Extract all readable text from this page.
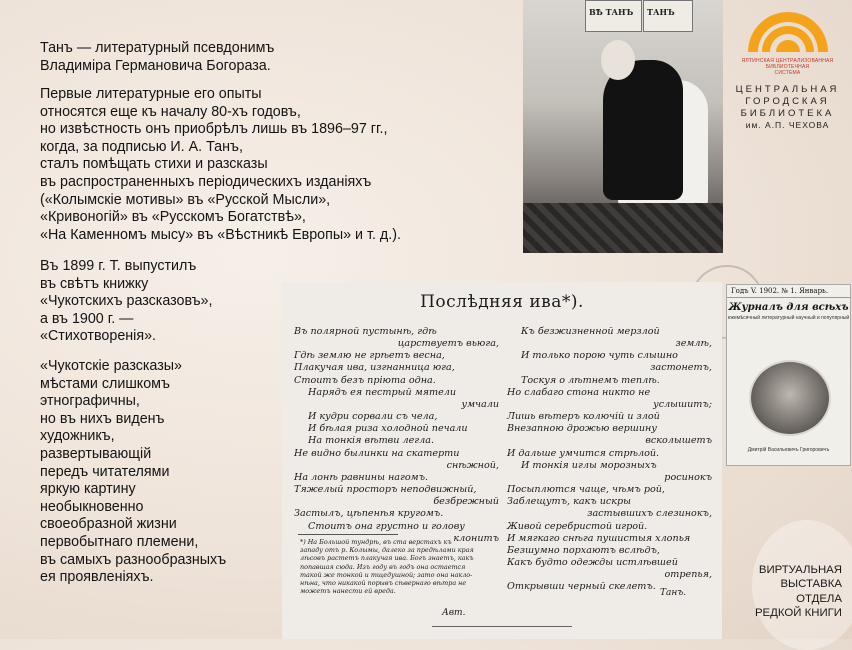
Танъ — литературный псевдонимъ

Владиміра Германовича Богораза.

Первые литературные его опыты

относятся еще къ началу 80-хъ годовъ,

но извѣстность онъ приобрѣлъ лишь въ 1896–97 гг.,

когда, за подписью И. А. Танъ,

сталъ помѣщать стихи и разсказы

въ распространенныхъ періодическихъ изданіяхъ

(«Колымскіе мотивы» въ «Русской Мысли»,

«Кривоногій» въ «Русскомъ Богатствѣ»,

«На Каменномъ мысу» въ «Вѣстникѣ Европы» и т. д.).

Въ 1899 г. Т. выпустилъ

въ свѣтъ книжку

«Чукотскихъ разсказовъ»,

а въ 1900 г. —

«Стихотворенія».

«Чукотскіе разсказы»

мѣстами слишкомъ

этнографичны,

но въ нихъ виденъ

художникъ,

развертывающій

передъ читателями

яркую картину

необыкновенно

своеобразной жизни

первобытнаго племени,

въ самыхъ разнообразныхъ

ея проявленіяхъ.

ВѢ ТАНЪ ТАНЪ
ЯЛТИНСКАЯ ЦЕНТРАЛИЗОВАННАЯ
БИБЛИОТЕЧНАЯ
СИСТЕМА
ЦЕНТРАЛЬНАЯ
ГОРОДСКАЯ
БИБЛИОТЕКА
им. А.П. ЧЕХОВА
Годъ V. 1902. № 1. Январь.
Журналъ для всѣхъ
ежемѣсячный литературный научный и популярный
Дмитрій Васильевичъ Григоровичъ
Послѣдняя ива*).
Въ полярной пустынѣ, гдѣ
царствуетъ вьюга,
Гдѣ землю не грѣетъ весна,
Плакучая ива, изгнанница юга,
Стоитъ безъ пріюта одна.
Нарядъ ея пестрый мятели
умчали
И кудри сорвали съ чела,
И бѣлая риза холодной печали
На тонкія вѣтви легла.
Не видно былинки на скатерти
снѣжной,
На лонѣ равнины нагомъ.
Тяжелый просторъ неподвижный,
безбрежный
Застылъ, цѣпенѣя кругомъ.
Стоитъ она грустно и голову
клонитъ
Къ безжизненной мерзлой
землѣ,
И только порою чуть слышно
застонетъ,
Тоскуя о лѣтнемъ теплѣ.
Но слабаго стона никто не
услышитъ;
Лишь вѣтеръ колючій и злой
Внезапною дрожью вершину
всколышетъ
И дальше умчится стрѣлой.
И тонкія иглы морозныхъ
росинокъ
Посыплются чаще, чѣмъ рой,
Заблещутъ, какъ искры
застывшихъ слезинокъ,
Живой серебристой игрой.
И мягкаго снѣга пушистыя хлопья
Безшумно порхаютъ вслѣдъ,
Какъ будто одежды истлѣвшей
отрепья,
Открывши черный скелетъ.
*) На Большой тундрѣ, въ ста верстахъ къ
западу отъ р. Колымы, далеко за предѣлами края
лѣсовъ растетъ плакучая ива. Богъ знаетъ, какъ
попавшая сюда. Изъ году въ годъ она остается
такой же тонкой и тщедушной; зато она накло-
нѣна, что никакой порывъ сѣвернаго вѣтра не
можетъ нанести ей вреда.
Авт.
Танъ.
ВИРТУАЛЬНАЯ
ВЫСТАВКА
ОТДЕЛА
РЕДКОЙ КНИГИ
